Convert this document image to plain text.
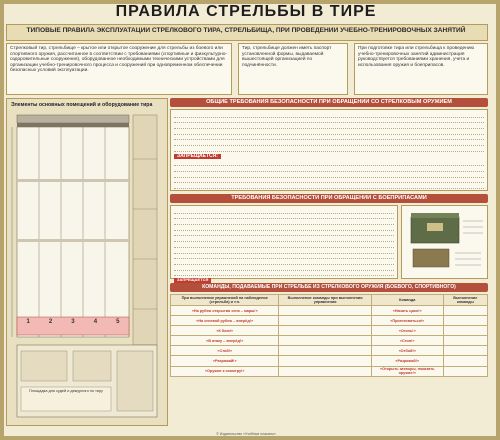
ПРАВИЛА СТРЕЛЬБЫ В ТИРЕ
ТИПОВЫЕ ПРАВИЛА ЭКСПЛУАТАЦИИ СТРЕЛКОВОГО ТИРА, СТРЕЛЬБИЩА, ПРИ ПРОВЕДЕНИИ УЧЕБНО-ТРЕНИРОВОЧНЫХ ЗАНЯТИЙ
Стрелковый тир, стрельбище – крытое или открытое сооружение для стрельбы из боевого или спортивного оружия, рассчитанное в соответствии с требованиями (спортивные и физкультурно-оздоровительные сооружения), оборудованное необходимыми техническими устройствами для организации учебно-тренировочного процесса и сооружений при одновременном обеспечении безопасных условий эксплуатации.
Тир, стрельбище должен иметь паспорт установленной формы, выдаваемой вышестоящей организацией по подчинённости.
При подготовке тира или стрельбища к проведению учебно-тренировочных занятий администрация руководствуется требованиями хранения, учета и использования оружия и боеприпасов.
Элементы основных помещений и оборудование тира
1	2	3	4	5
Площадка для судей и дежурного по тиру
ОБЩИЕ ТРЕБОВАНИЯ БЕЗОПАСНОСТИ ПРИ ОБРАЩЕНИИ СО СТРЕЛКОВЫМ ОРУЖИЕМ
ЗАПРЕЩАЕТСЯ:
ТРЕБОВАНИЯ БЕЗОПАСНОСТИ ПРИ ОБРАЩЕНИИ С БОЕПРИПАСАМИ
ЗАПРЕЩАЕТСЯ
КОМАНДЫ, ПОДАВАЕМЫЕ ПРИ СТРЕЛЬБЕ ИЗ СТРЕЛКОВОГО ОРУЖИЯ (БОЕВОГО, СПОРТИВНОГО)
При выполнении упражнений на наблюдение (стрельба) и т.п.	Выполнение команды при выполнении упражнения	Команда	Выполнение команды
«На рубеж открытия огня – марш!»		«Начать цикл!»	
«На огневой рубеж – вперёд!»		«Приготовиться!»	
«К бою!»		«Огонь!»	
«В атаку – вперёд!»		«Стоп!»	
«Стой!»		«Отбой!»	
«Разряжай!»		«Разряжай!»	
«Оружие к осмотру!»		«Открыть затворы, показать оружие!»	
© Издательство «Учебные плакаты»
